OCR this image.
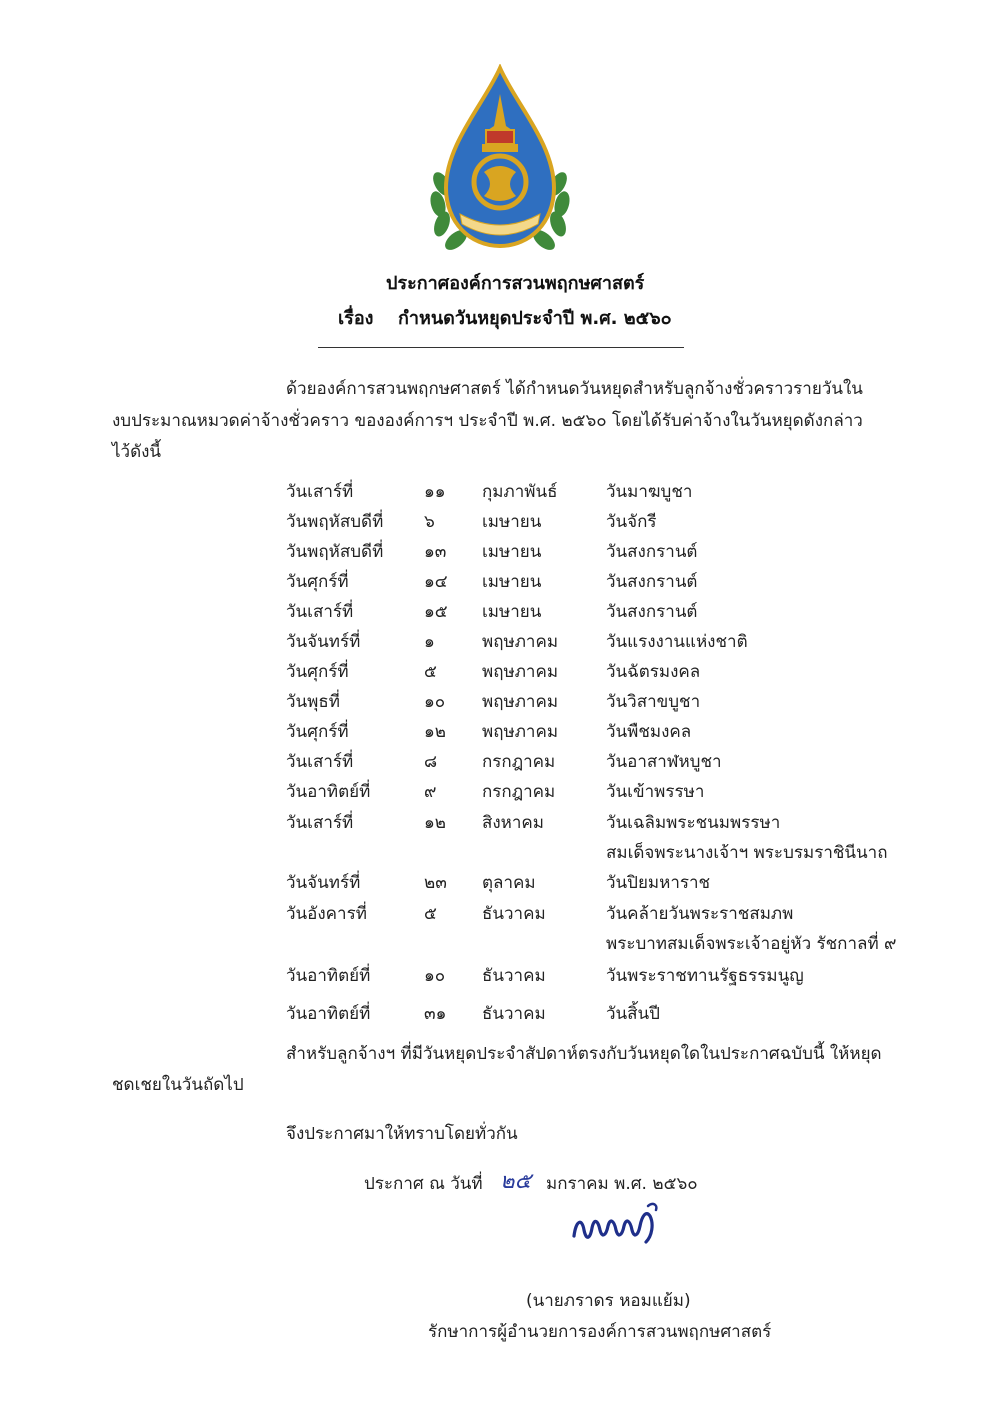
ประกาศองค์การสวนพฤกษศาสตร์
เรื่อง กำหนดวันหยุดประจำปี พ.ศ. ๒๕๖๐
ด้วยองค์การสวนพฤกษศาสตร์ ได้กำหนดวันหยุดสำหรับลูกจ้างชั่วคราวรายวันใน
งบประมาณหมวดค่าจ้างชั่วคราว ขององค์การฯ ประจำปี พ.ศ. ๒๕๖๐ โดยได้รับค่าจ้างในวันหยุดดังกล่าว
ไว้ดังนี้
วันเสาร์ที่	๑๑ กุมภาพันธ์	วันมาฆบูชา
วันพฤหัสบดีที่ ๖	เมษายน	วันจักรี
วันพฤหัสบดีที่ ๑๓ เมษายน	วันสงกรานต์
วันศุกร์ที่	๑๔ เมษายน	วันสงกรานต์
วันเสาร์ที่	๑๕ เมษายน	วันสงกรานต์
วันจันทร์ที่	๑	พฤษภาคม	วันแรงงานแห่งชาติ
วันศุกร์ที่	๕	พฤษภาคม	วันฉัตรมงคล
วันพุธที่	๑๐ พฤษภาคม	วันวิสาขบูชา
วันศุกร์ที่	๑๒ พฤษภาคม	วันพืชมงคล
วันเสาร์ที่	๘	กรกฎาคม	วันอาสาฬหบูชา
วันอาทิตย์ที่	๙	กรกฎาคม	วันเข้าพรรษา
วันเสาร์ที่	๑๒ สิงหาคม	วันเฉลิมพระชนมพรรษา
สมเด็จพระนางเจ้าฯ พระบรมราชินีนาถ
วันจันทร์ที่	๒๓ ตุลาคม	วันปิยมหาราช
วันอังคารที่	๕	ธันวาคม	วันคล้ายวันพระราชสมภพ
พระบาทสมเด็จพระเจ้าอยู่หัว รัชกาลที่ ๙
วันอาทิตย์ที่	๑๐ ธันวาคม	วันพระราชทานรัฐธรรมนูญ
วันอาทิตย์ที่	๓๑ ธันวาคม	วันสิ้นปี
สำหรับลูกจ้างฯ ที่มีวันหยุดประจำสัปดาห์ตรงกับวันหยุดใดในประกาศฉบับนี้ ให้หยุด
ชดเชยในวันถัดไป
จึงประกาศมาให้ทราบโดยทั่วกัน
ประกาศ ณ วันที่ ๒๕ มกราคม พ.ศ. ๒๕๖๐
(นายภราดร หอมแย้ม)
รักษาการผู้อำนวยการองค์การสวนพฤกษศาสตร์
